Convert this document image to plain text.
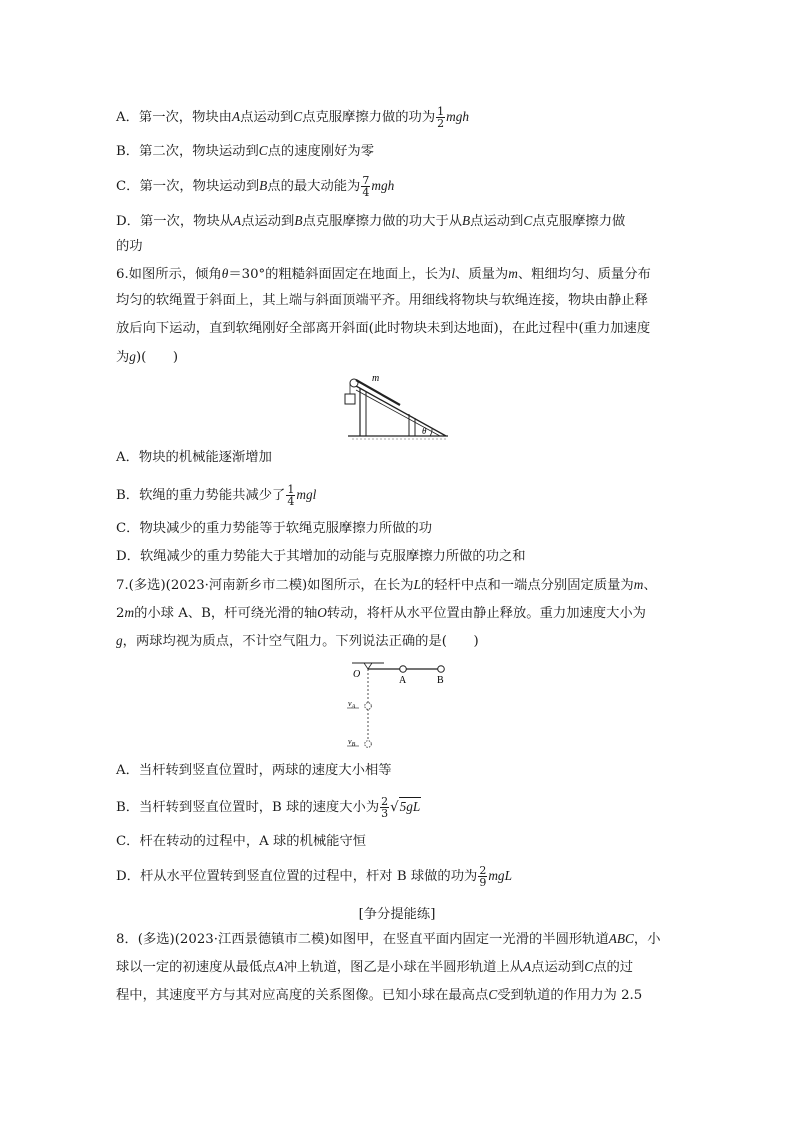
A．第一次，物块由A点运动到C点克服摩擦力做的功为 $\frac{1}{2}$ mgh
B．第二次，物块运动到C点的速度刚好为零
C．第一次，物块运动到B点的最大动能为 $\frac{7}{4}$ mgh
D．第一次，物块从A点运动到B点克服摩擦力做的功大于从B点运动到C点克服摩擦力做
的功
6.如图所示，倾角θ＝30°的粗糙斜面固定在地面上，长为l、质量为m、粗细均匀、质量分布
均匀的软绳置于斜面上，其上端与斜面顶端平齐。用细线将物块与软绳连接，物块由静止释
放后向下运动，直到软绳刚好全部离开斜面(此时物块未到达地面)，在此过程中(重力加速度
为g)(　　)
m
θ
A．物块的机械能逐渐增加
B．软绳的重力势能共减少了 $\frac{1}{4}$ mgl
C．物块减少的重力势能等于软绳克服摩擦力所做的功
D．软绳减少的重力势能大于其增加的动能与克服摩擦力所做的功之和
7.(多选)(2023·河南新乡市二模)如图所示，在长为L的轻杆中点和一端点分别固定质量为m、
2m的小球 A、B，杆可绕光滑的轴O转动，将杆从水平位置由静止释放。重力加速度大小为
g，两球均视为质点，不计空气阻力。下列说法正确的是(　　)
O
A	B
$v_A$
$v_B$
A．当杆转到竖直位置时，两球的速度大小相等
B．当杆转到竖直位置时，B 球的速度大小为 $\frac{2}{3} √5gL$
C．杆在转动的过程中，A 球的机械能守恒
D．杆从水平位置转到竖直位置的过程中，杆对 B 球做的功为 $\frac{2}{9}$ mgL
[争分提能练]
8．(多选)(2023·江西景德镇市二模)如图甲，在竖直平面内固定一光滑的半圆形轨道ABC，小
球以一定的初速度从最低点A冲上轨道，图乙是小球在半圆形轨道上从A点运动到C点的过
程中，其速度平方与其对应高度的关系图像。已知小球在最高点C受到轨道的作用力为 2.5
